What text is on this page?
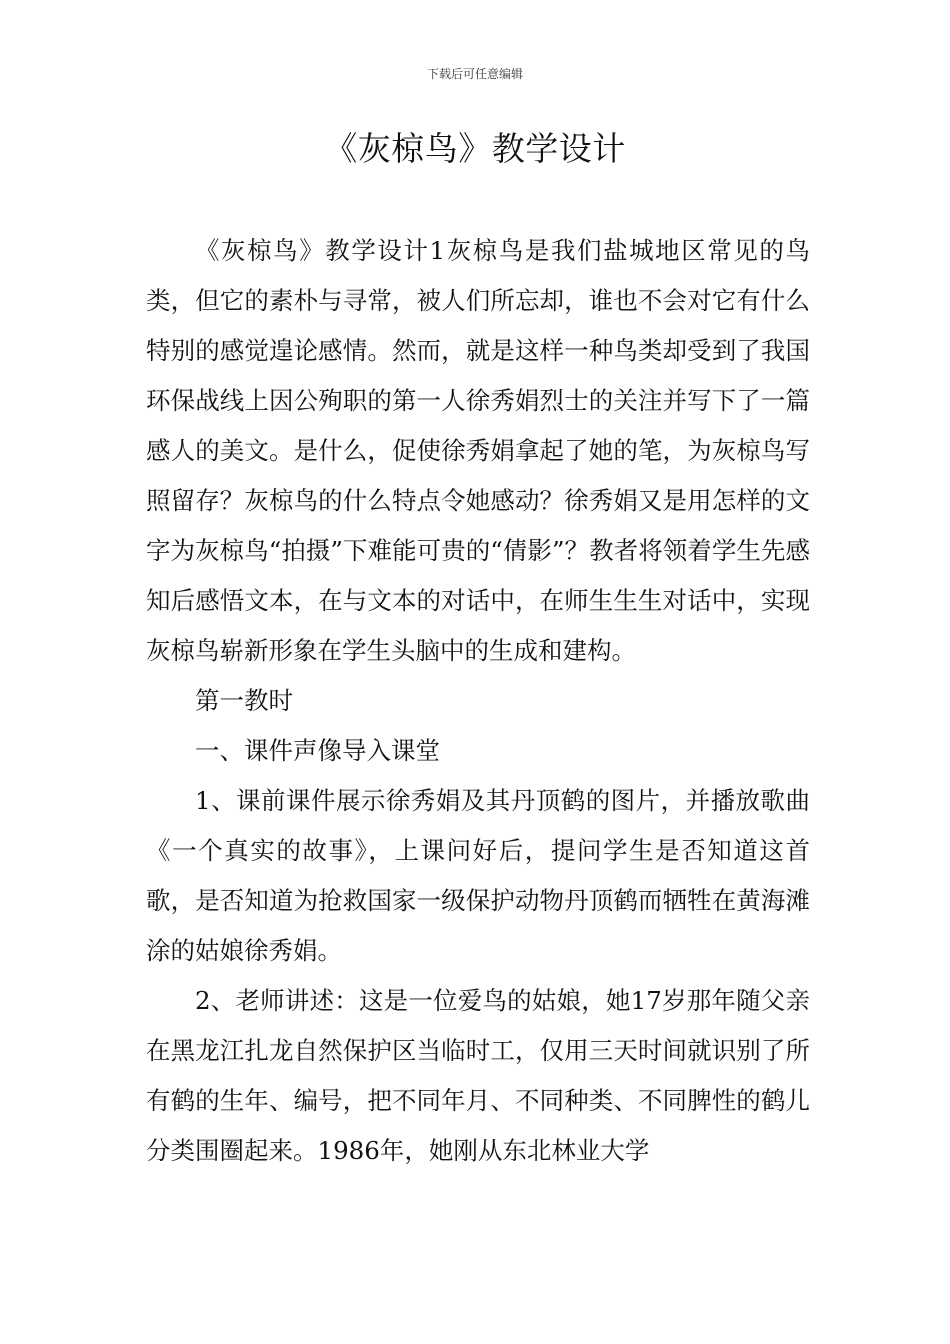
下载后可任意编辑
《灰椋鸟》教学设计

《灰椋鸟》教学设计1灰椋鸟是我们盐城地区常见的鸟类，但它的素朴与寻常，被人们所忘却，谁也不会对它有什么特别的感觉遑论感情。然而，就是这样一种鸟类却受到了我国环保战线上因公殉职的第一人徐秀娟烈士的关注并写下了一篇感人的美文。是什么，促使徐秀娟拿起了她的笔，为灰椋鸟写照留存？灰椋鸟的什么特点令她感动？徐秀娟又是用怎样的文字为灰椋鸟“拍摄”下难能可贵的“倩影”？教者将领着学生先感知后感悟文本，在与文本的对话中，在师生生生对话中，实现灰椋鸟崭新形象在学生头脑中的生成和建构。

第一教时

一、课件声像导入课堂

1、课前课件展示徐秀娟及其丹顶鹤的图片，并播放歌曲《一个真实的故事》，上课问好后，提问学生是否知道这首歌，是否知道为抢救国家一级保护动物丹顶鹤而牺牲在黄海滩涂的姑娘徐秀娟。

2、老师讲述：这是一位爱鸟的姑娘，她17岁那年随父亲在黑龙江扎龙自然保护区当临时工，仅用三天时间就识别了所有鹤的生年、编号，把不同年月、不同种类、不同脾性的鹤儿分类围圈起来。1986年，她刚从东北林业大学
